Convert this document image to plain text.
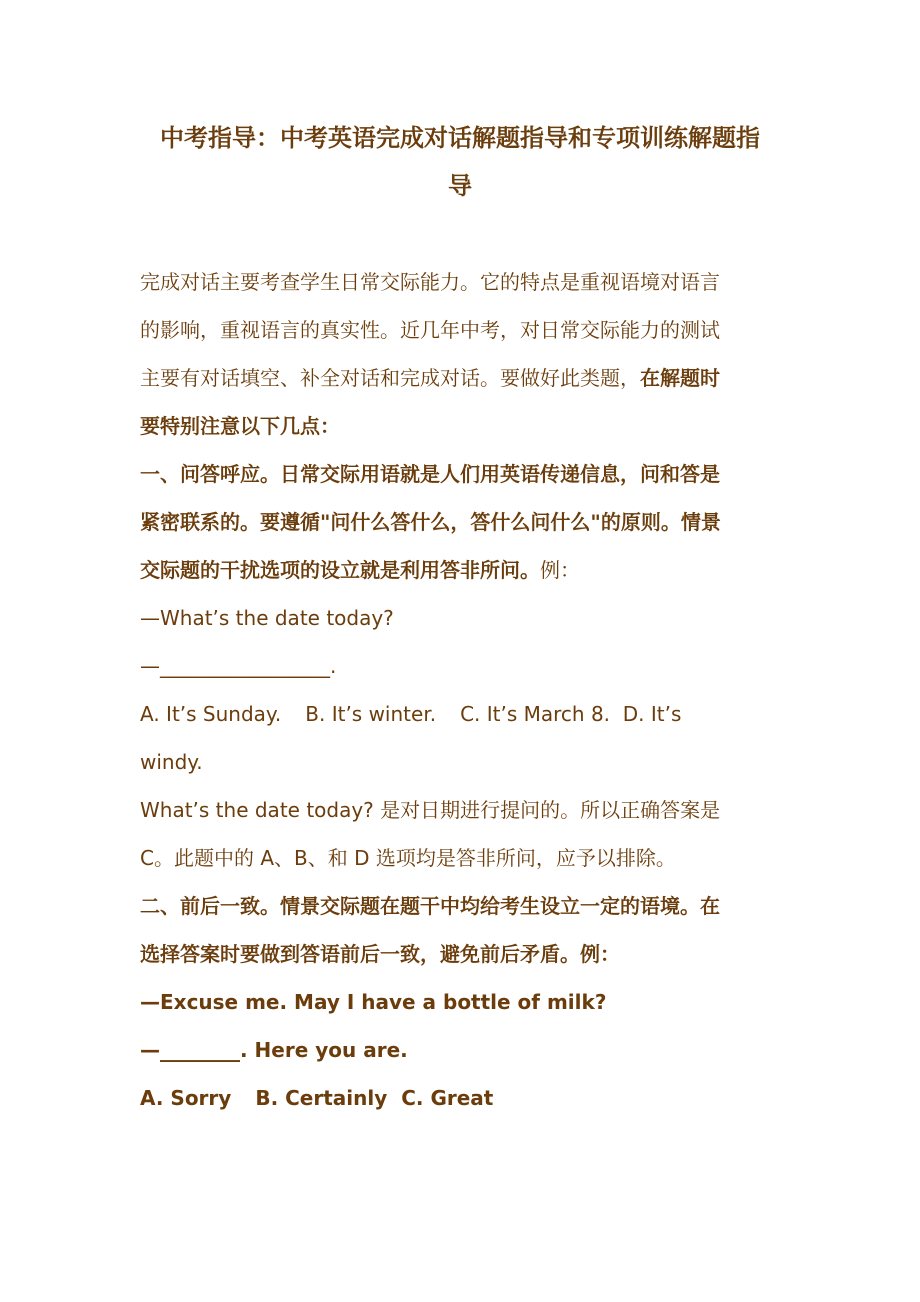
中考指导：中考英语完成对话解题指导和专项训练解题指
导
完成对话主要考查学生日常交际能力。它的特点是重视语境对语言
的影响，重视语言的真实性。近几年中考，对日常交际能力的测试
主要有对话填空、补全对话和完成对话。要做好此类题，在解题时
要特别注意以下几点：
一、问答呼应。日常交际用语就是人们用英语传递信息，问和答是
紧密联系的。要遵循"问什么答什么，答什么问什么"的原则。情景
交际题的干扰选项的设立就是利用答非所问。例：
—What’s the date today?
—_________________.
A. It’s Sunday. B. It’s winter. C. It’s March 8. D. It’s
windy.
What’s the date today? 是对日期进行提问的。所以正确答案是
C。此题中的 A、B、和 D 选项均是答非所问，应予以排除。
二、前后一致。情景交际题在题干中均给考生设立一定的语境。在
选择答案时要做到答语前后一致，避免前后矛盾。例：
—Excuse me. May I have a bottle of milk?
—________. Here you are.
A. Sorry B. Certainly C. Great
